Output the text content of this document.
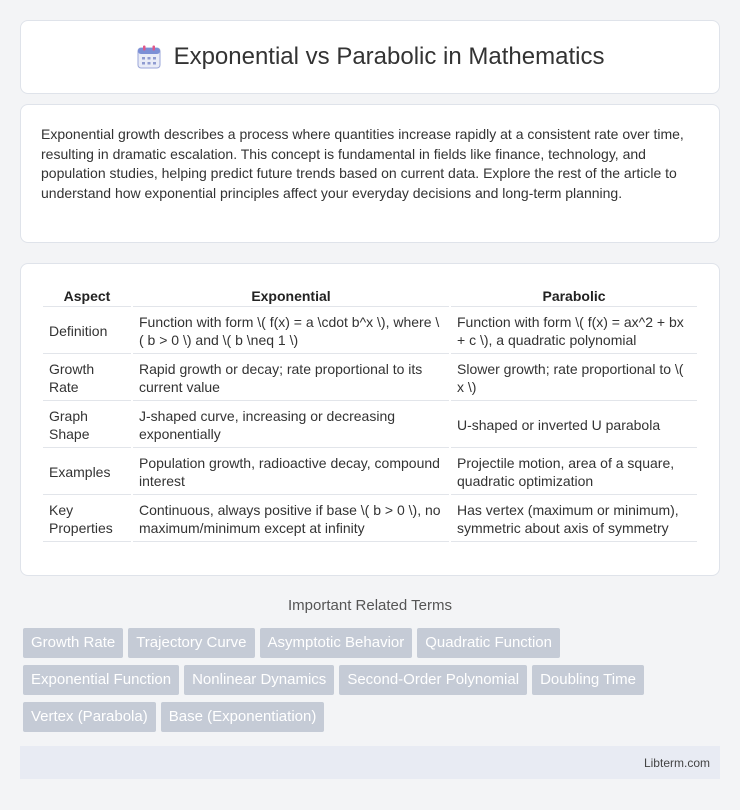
Exponential vs Parabolic in Mathematics

Exponential growth describes a process where quantities increase rapidly at a consistent rate over time, resulting in dramatic escalation. This concept is fundamental in fields like finance, technology, and population studies, helping predict future trends based on current data. Explore the rest of the article to understand how exponential principles affect your everyday decisions and long-term planning.

Aspect	Exponential	Parabolic
Definition	Function with form \( f(x) = a \cdot b^x \), where \( b > 0 \) and \( b \neq 1 \)	Function with form \( f(x) = ax^2 + bx + c \), a quadratic polynomial
Growth Rate	Rapid growth or decay; rate proportional to its current value	Slower growth; rate proportional to \( x \)
Graph Shape	J-shaped curve, increasing or decreasing exponentially	U-shaped or inverted U parabola
Examples	Population growth, radioactive decay, compound interest	Projectile motion, area of a square, quadratic optimization
Key Properties	Continuous, always positive if base \( b > 0 \), no maximum/minimum except at infinity	Has vertex (maximum or minimum), symmetric about axis of symmetry
Important Related Terms
Growth Rate Trajectory Curve Asymptotic Behavior Quadratic FunctionExponential Function Nonlinear Dynamics Second-Order Polynomial Doubling TimeVertex (Parabola) Base (Exponentiation)
Libterm.com
